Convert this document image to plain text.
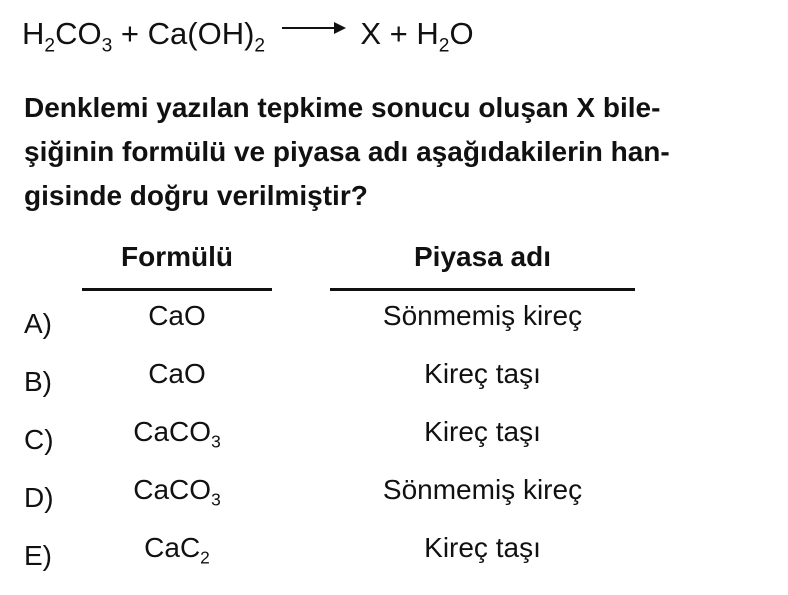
$H_2CO_3 + Ca(OH)_2$	$X + H_2O$

Denklemi yazılan tepkime sonucu oluşan X bile-
şiğinin formülü ve piyasa adı aşağıdakilerin han-
gisinde doğru verilmiştir?

Formülü	Piyasa adı
A)	CaO	Sönmemiş kireç
B)	CaO	Kireç taşı
C)	CaCO$_3$	Kireç taşı
D)	CaCO$_3$	Sönmemiş kireç
E)	CaC$_2$	Kireç taşı
